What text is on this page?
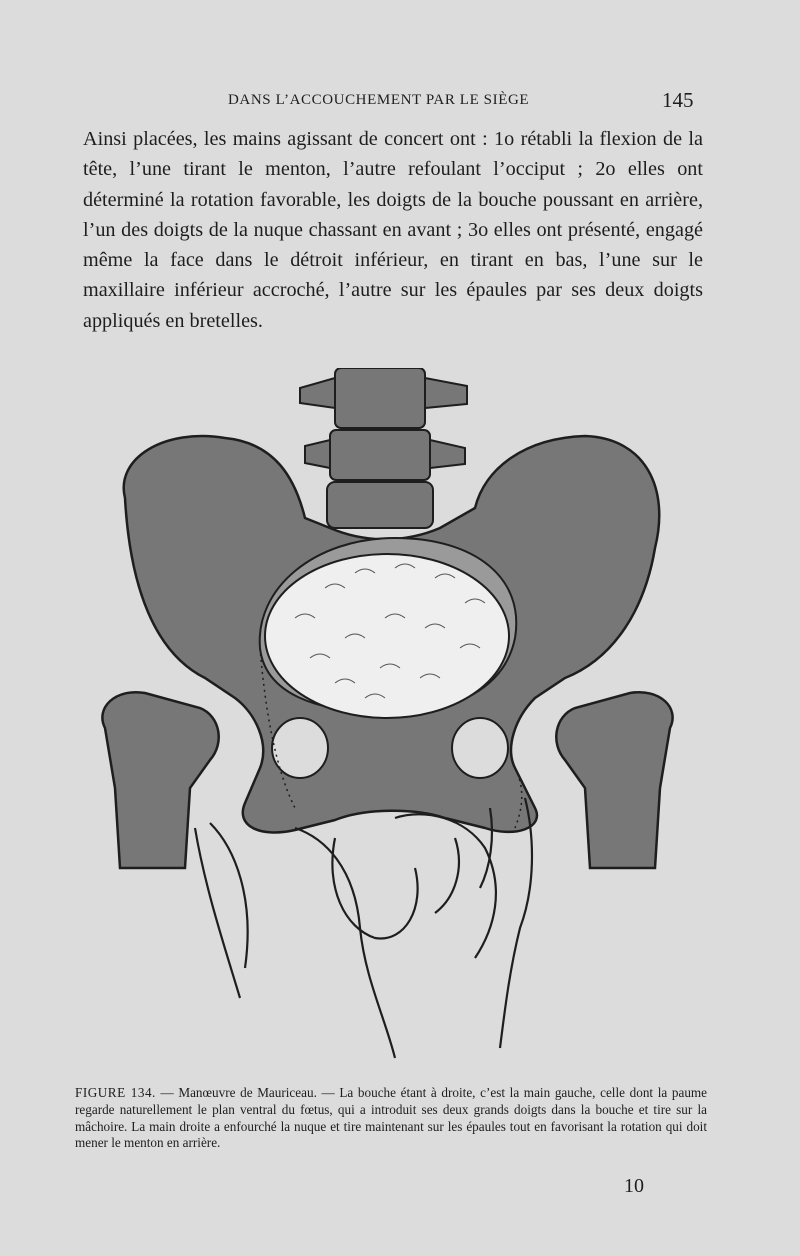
DANS L’ACCOUCHEMENT PAR LE SIÈGE	145

Ainsi placées, les mains agissant de concert ont : 1o rétabli la flexion de la tête, l’une tirant le menton, l’autre refoulant l’occiput ; 2o elles ont déterminé la rotation favorable, les doigts de la bouche poussant en arrière, l’un des doigts de la nuque chassant en avant ; 3o elles ont présenté, engagé même la face dans le détroit inférieur, en tirant en bas, l’une sur le maxillaire inférieur accroché, l’autre sur les épaules par ses deux doigts appliqués en bretelles.

FIGURE 134. — Manœuvre de Mauriceau. — La bouche étant à droite, c’est la main gauche, celle dont la paume regarde naturellement le plan ventral du fœtus, qui a introduit ses deux grands doigts dans la bouche et tire sur la mâchoire. La main droite a enfourché la nuque et tire maintenant sur les épaules tout en favorisant la rotation qui doit mener le menton en arrière.

10
